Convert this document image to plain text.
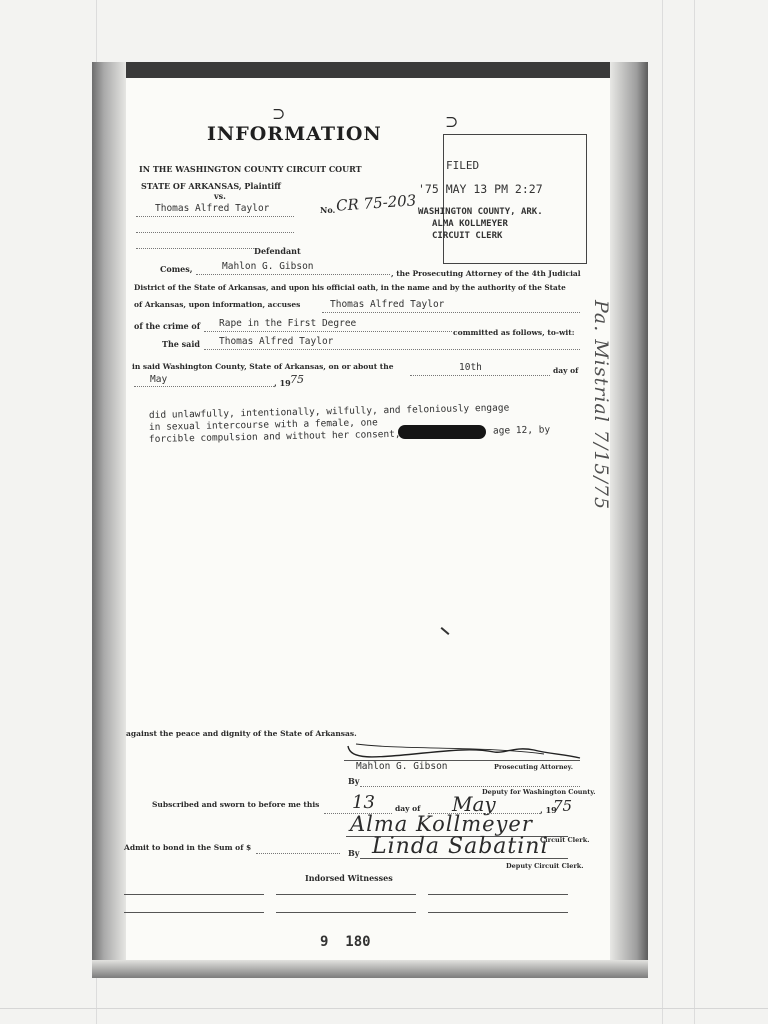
⊃	⊃
INFORMATION
IN THE WASHINGTON COUNTY CIRCUIT COURT
STATE OF ARKANSAS, Plaintiff
vs.
Thomas Alfred Taylor	No. CR 75-203
Defendant
FILED
'75 MAY 13 PM 2:27
WASHINGTON COUNTY, ARK.
ALMA KOLLMEYER
CIRCUIT CLERK
Comes,	Mahlon G. Gibson
, the Prosecuting Attorney of the 4th Judicial
District of the State of Arkansas, and upon his official oath, in the name and by the authority of the State
of Arkansas, upon information, accuses	Thomas Alfred Taylor
of the crime of Rape in the First Degree
committed as follows, to-wit:
The said Thomas Alfred Taylor
in said Washington County, State of Arkansas, on or about the	10th	day of
May	, 19 75
did unlawfully, intentionally, wilfully, and feloniously engage
in sexual intercourse with a female, one	age 12, by
forcible compulsion and without her consent,	Pa. Mistrial 7/15/75
against the peace and dignity of the State of Arkansas.
Mahlon G. Gibson	Prosecuting Attorney.
By
Deputy for Washington County.
Subscribed and sworn to before me this 13	day of May	, 19
75
Alma Kollmeyer
Circuit Clerk.
Admit to bond in the Sum of $
By Linda Sabatini
Deputy Circuit Clerk.
Indorsed Witnesses
9  180
